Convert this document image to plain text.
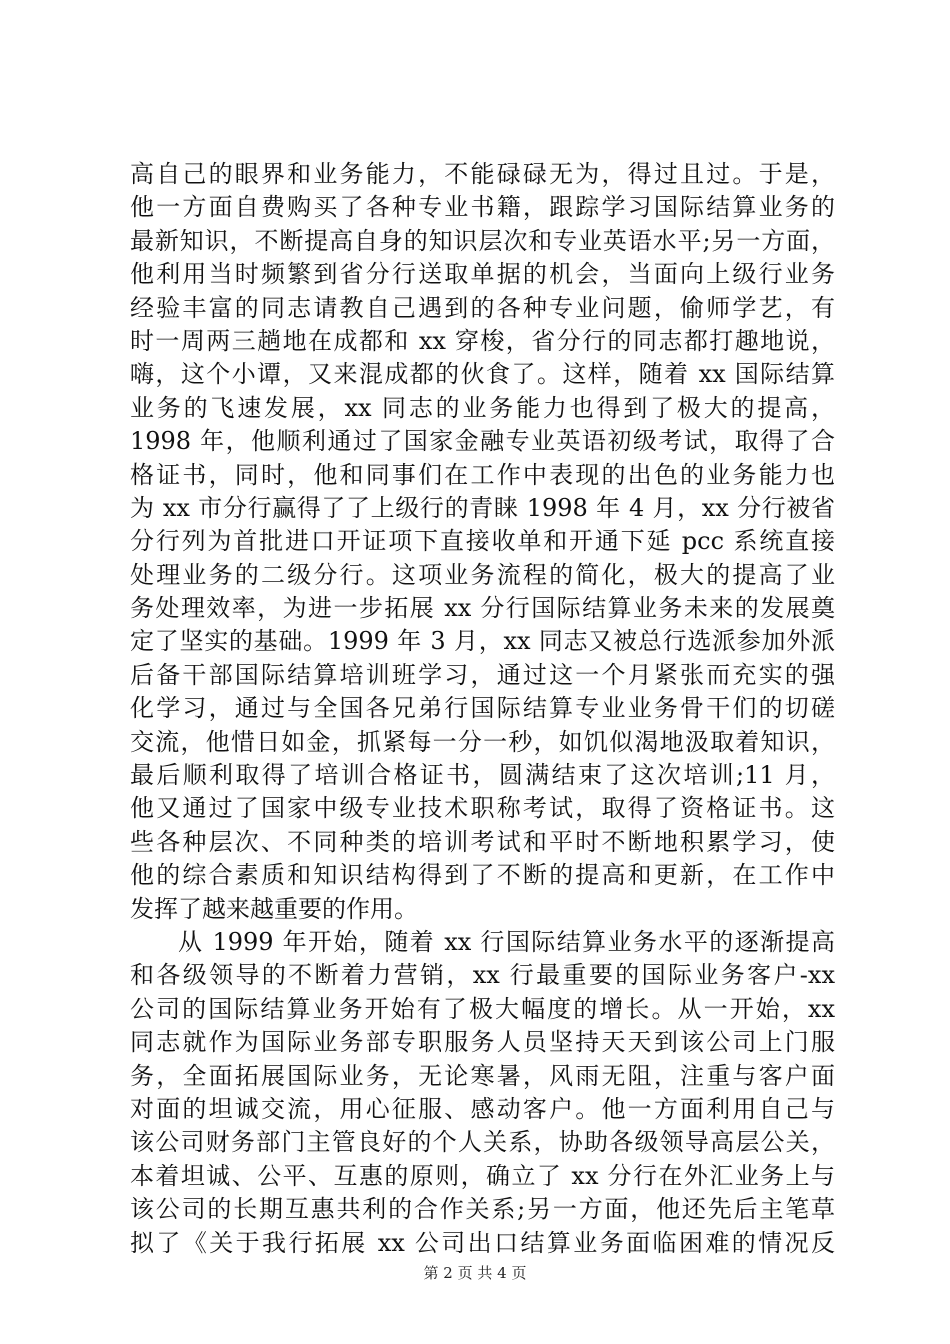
高自己的眼界和业务能力，不能碌碌无为，得过且过。于是，
他一方面自费购买了各种专业书籍，跟踪学习国际结算业务的
最新知识，不断提高自身的知识层次和专业英语水平;另一方面，
他利用当时频繁到省分行送取单据的机会，当面向上级行业务
经验丰富的同志请教自己遇到的各种专业问题，偷师学艺，有
时一周两三趟地在成都和 xx 穿梭，省分行的同志都打趣地说，
嗨，这个小谭，又来混成都的伙食了。这样，随着 xx 国际结算
业务的飞速发展，xx 同志的业务能力也得到了极大的提高，
1998 年，他顺利通过了国家金融专业英语初级考试，取得了合
格证书，同时，他和同事们在工作中表现的出色的业务能力也
为 xx 市分行赢得了了上级行的青睐 1998 年 4 月，xx 分行被省
分行列为首批进口开证项下直接收单和开通下延 pcc 系统直接
处理业务的二级分行。这项业务流程的简化，极大的提高了业
务处理效率，为进一步拓展 xx 分行国际结算业务未来的发展奠
定了坚实的基础。1999 年 3 月，xx 同志又被总行选派参加外派
后备干部国际结算培训班学习，通过这一个月紧张而充实的强
化学习，通过与全国各兄弟行国际结算专业业务骨干们的切磋
交流，他惜日如金，抓紧每一分一秒，如饥似渴地汲取着知识，
最后顺利取得了培训合格证书，圆满结束了这次培训;11 月，
他又通过了国家中级专业技术职称考试，取得了资格证书。这
些各种层次、不同种类的培训考试和平时不断地积累学习，使
他的综合素质和知识结构得到了不断的提高和更新，在工作中
发挥了越来越重要的作用。
从 1999 年开始，随着 xx 行国际结算业务水平的逐渐提高
和各级领导的不断着力营销，xx 行最重要的国际业务客户-xx
公司的国际结算业务开始有了极大幅度的增长。从一开始，xx
同志就作为国际业务部专职服务人员坚持天天到该公司上门服
务，全面拓展国际业务，无论寒暑，风雨无阻，注重与客户面
对面的坦诚交流，用心征服、感动客户。他一方面利用自己与
该公司财务部门主管良好的个人关系，协助各级领导高层公关，
本着坦诚、公平、互惠的原则，确立了 xx 分行在外汇业务上与
该公司的长期互惠共利的合作关系;另一方面，他还先后主笔草
拟了《关于我行拓展 xx 公司出口结算业务面临困难的情况反
第 2 页 共 4 页
